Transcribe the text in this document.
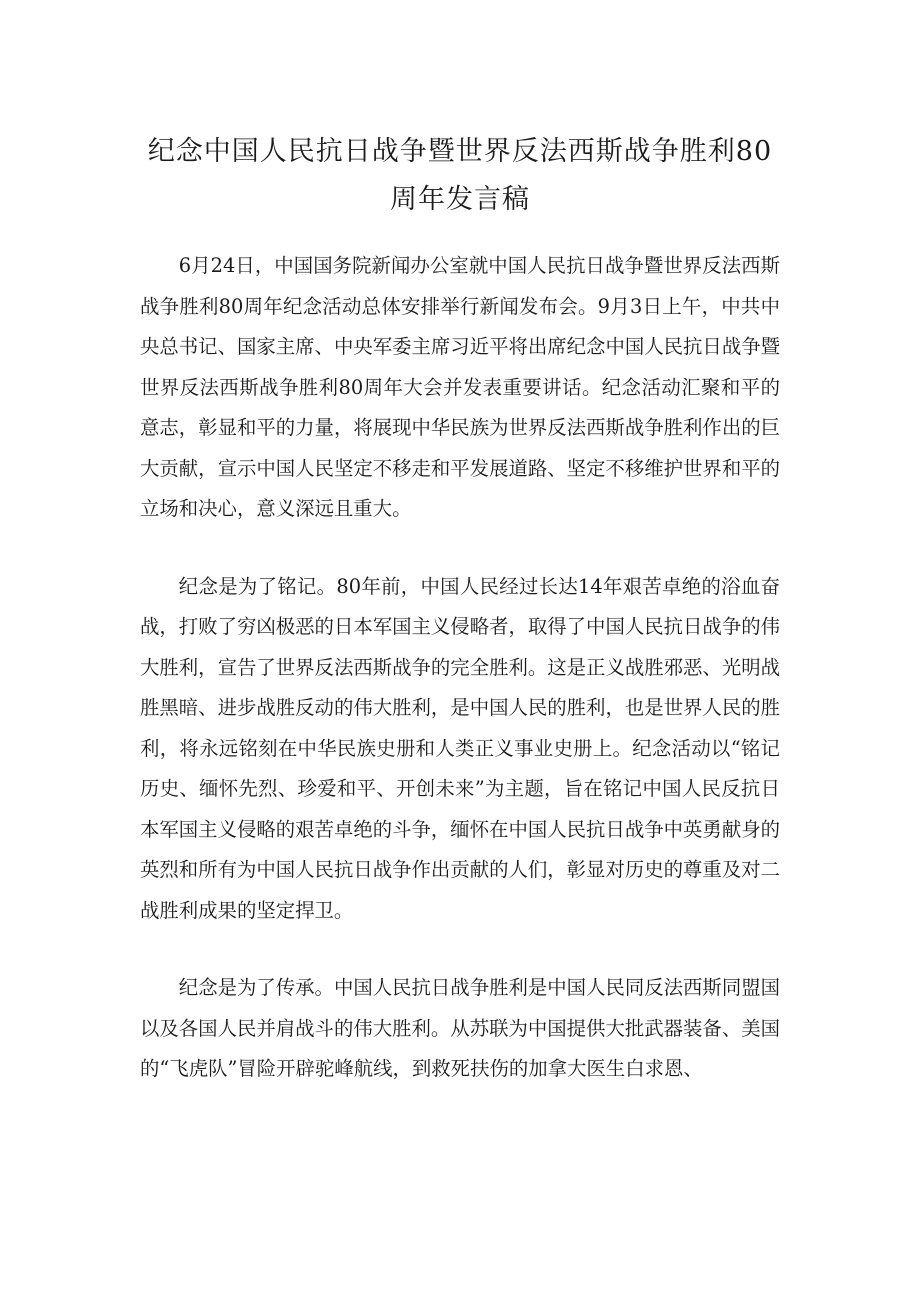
纪念中国人民抗日战争暨世界反法西斯战争胜利80
周年发言稿

6月24日，中国国务院新闻办公室就中国人民抗日战争暨世界反法西斯战争胜利80周年纪念活动总体安排举行新闻发布会。9月3日上午，中共中央总书记、国家主席、中央军委主席习近平将出席纪念中国人民抗日战争暨世界反法西斯战争胜利80周年大会并发表重要讲话。纪念活动汇聚和平的意志，彰显和平的力量，将展现中华民族为世界反法西斯战争胜利作出的巨大贡献，宣示中国人民坚定不移走和平发展道路、坚定不移维护世界和平的立场和决心，意义深远且重大。

纪念是为了铭记。80年前，中国人民经过长达14年艰苦卓绝的浴血奋战，打败了穷凶极恶的日本军国主义侵略者，取得了中国人民抗日战争的伟大胜利，宣告了世界反法西斯战争的完全胜利。这是正义战胜邪恶、光明战胜黑暗、进步战胜反动的伟大胜利，是中国人民的胜利，也是世界人民的胜利，将永远铭刻在中华民族史册和人类正义事业史册上。纪念活动以“铭记历史、缅怀先烈、珍爱和平、开创未来”为主题，旨在铭记中国人民反抗日本军国主义侵略的艰苦卓绝的斗争，缅怀在中国人民抗日战争中英勇献身的英烈和所有为中国人民抗日战争作出贡献的人们，彰显对历史的尊重及对二战胜利成果的坚定捍卫。

纪念是为了传承。中国人民抗日战争胜利是中国人民同反法西斯同盟国以及各国人民并肩战斗的伟大胜利。从苏联为中国提供大批武器装备、美国的“飞虎队”冒险开辟驼峰航线，到救死扶伤的加拿大医生白求恩、
